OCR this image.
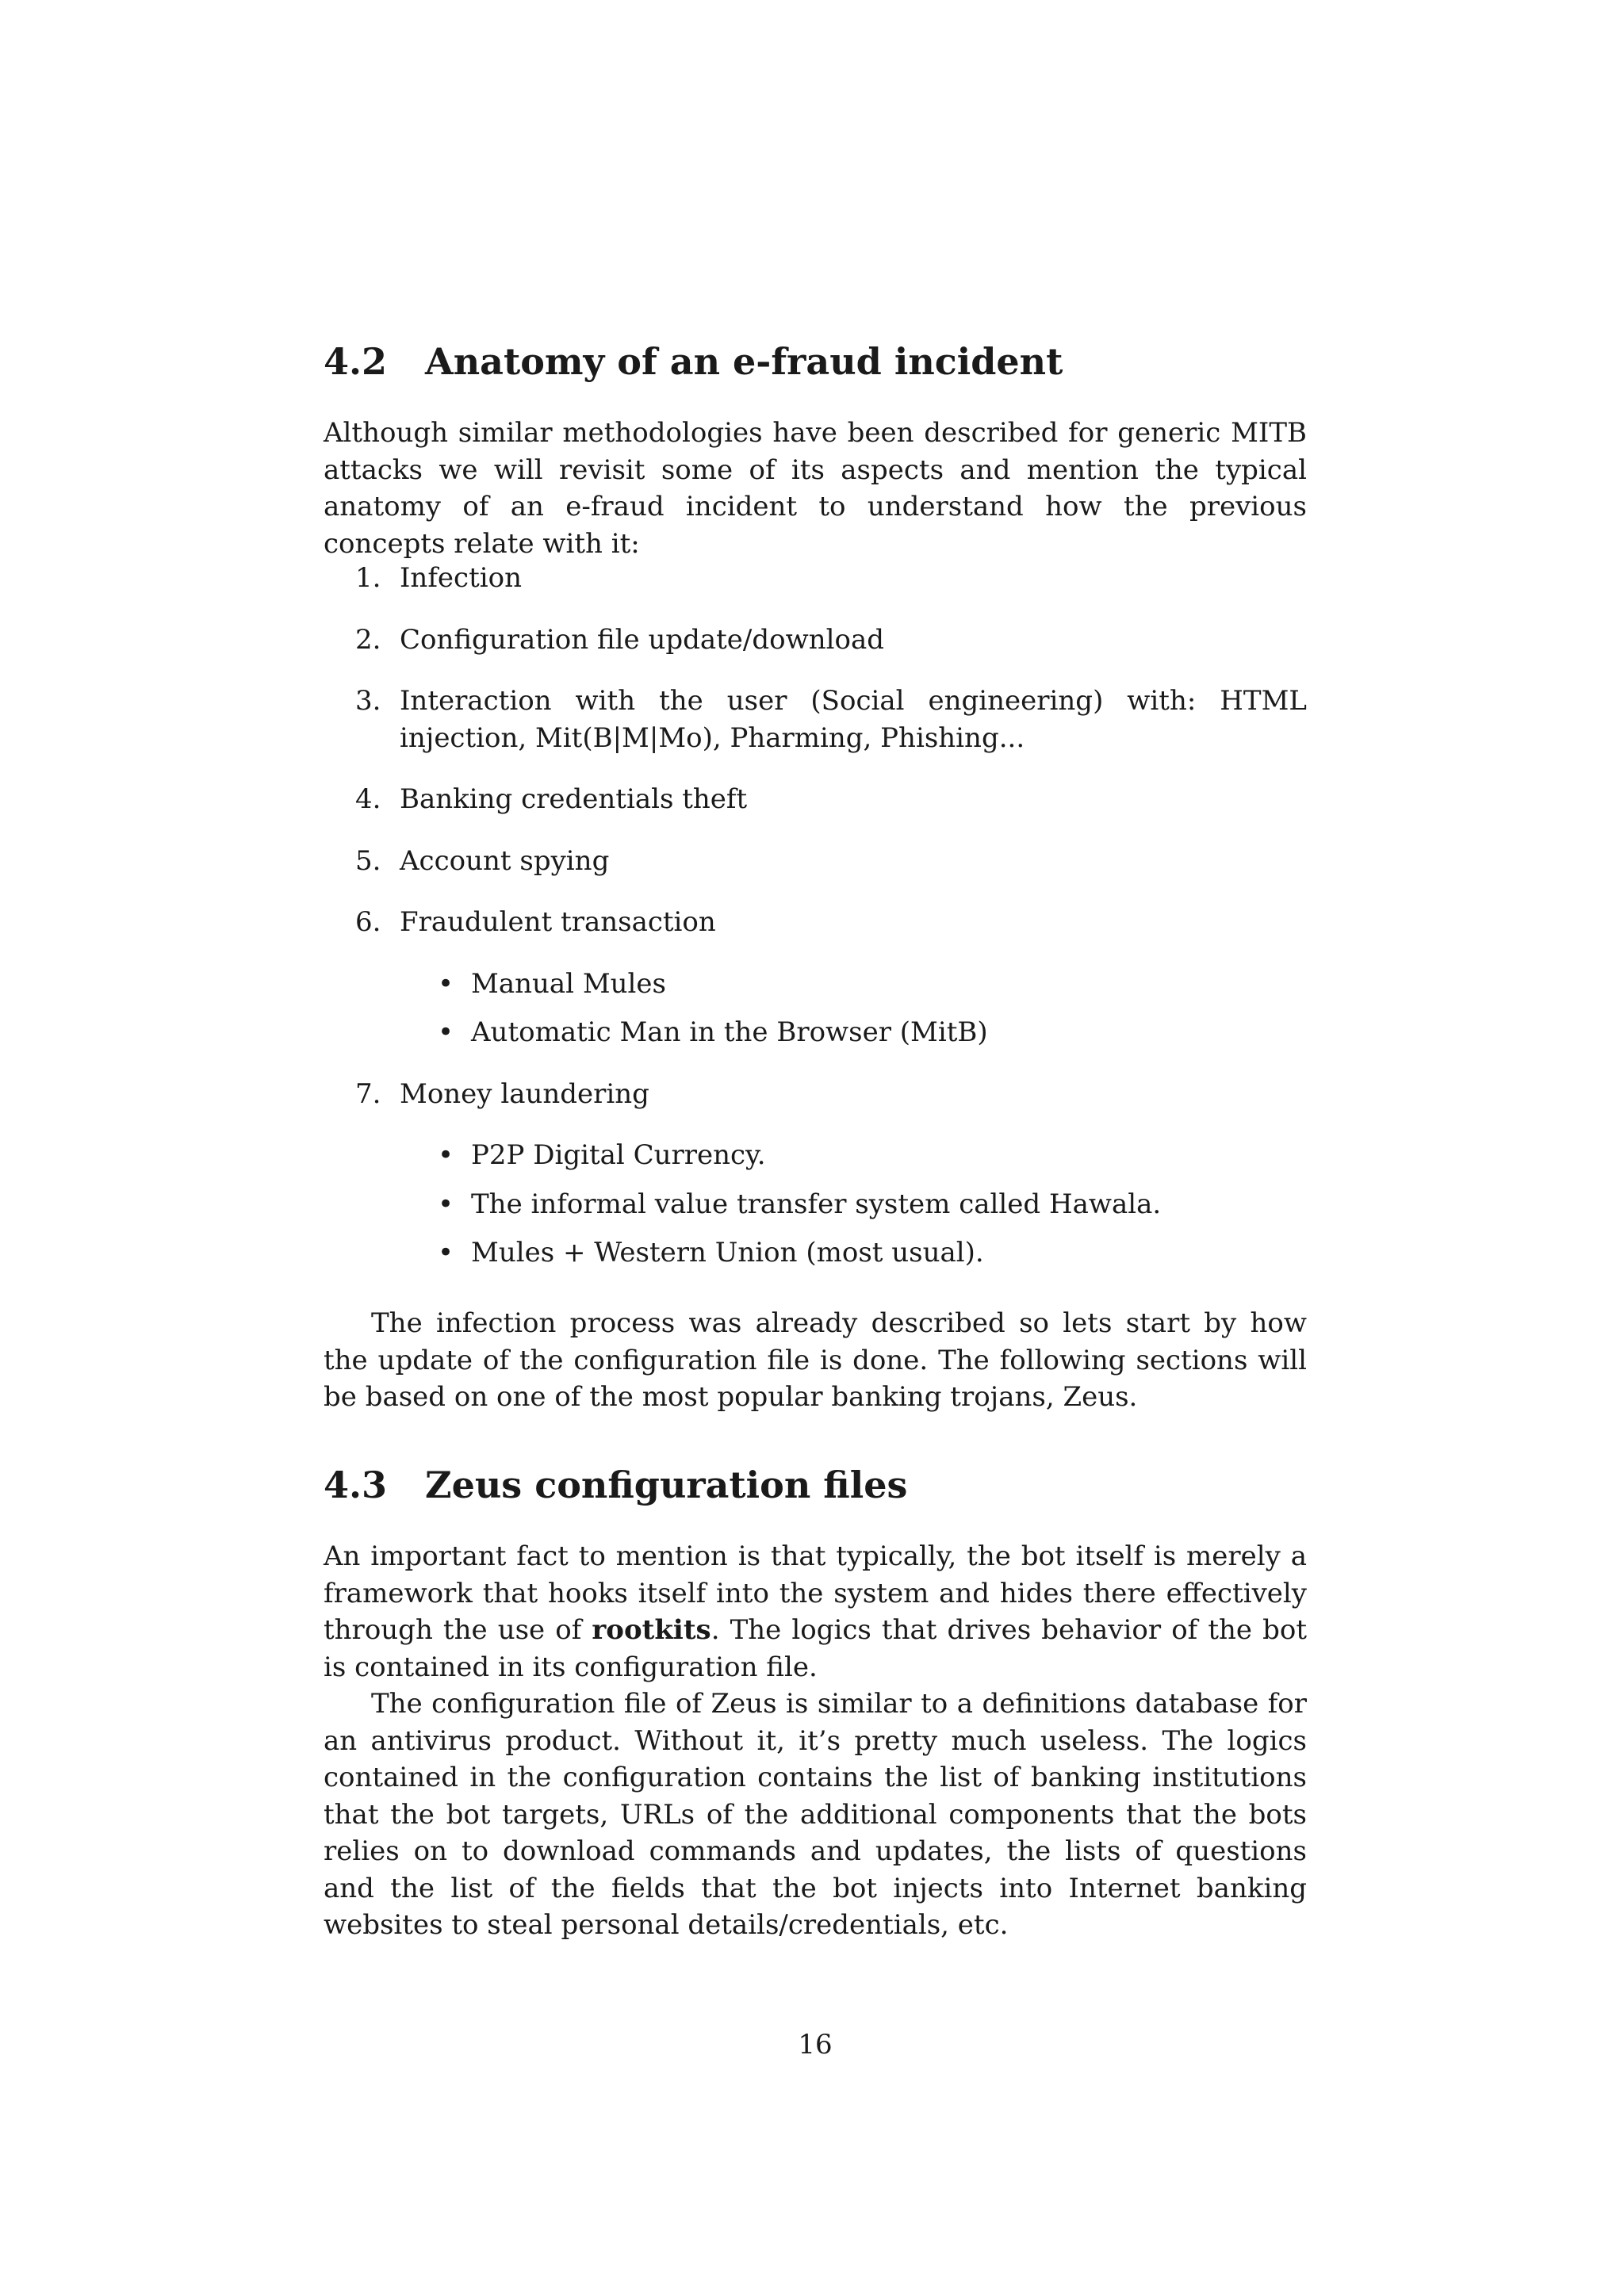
4.2 Anatomy of an e-fraud incident

Although similar methodologies have been described for generic MITB attacks we will revisit some of its aspects and mention the typical anatomy of an e-fraud incident to understand how the previous concepts relate with it:

1. Infection
2. Configuration file update/download
3. Interaction with the user (Social engineering) with: HTML injection, Mit(B|M|Mo), Pharming, Phishing...
4. Banking credentials theft
5. Account spying
6. Fraudulent transaction
• Manual Mules
• Automatic Man in the Browser (MitB)
7. Money laundering
• P2P Digital Currency.
• The informal value transfer system called Hawala.
• Mules + Western Union (most usual).

The infection process was already described so lets start by how the update of the configuration file is done. The following sections will be based on one of the most popular banking trojans, Zeus.

4.3 Zeus configuration files

An important fact to mention is that typically, the bot itself is merely a framework that hooks itself into the system and hides there effectively through the use of rootkits. The logics that drives behavior of the bot is contained in its configuration file.

The configuration file of Zeus is similar to a definitions database for an antivirus product. Without it, it’s pretty much useless. The logics contained in the configuration contains the list of banking institutions that the bot targets, URLs of the additional components that the bots relies on to download commands and updates, the lists of questions and the list of the fields that the bot injects into Internet banking websites to steal personal details/credentials, etc.

16
